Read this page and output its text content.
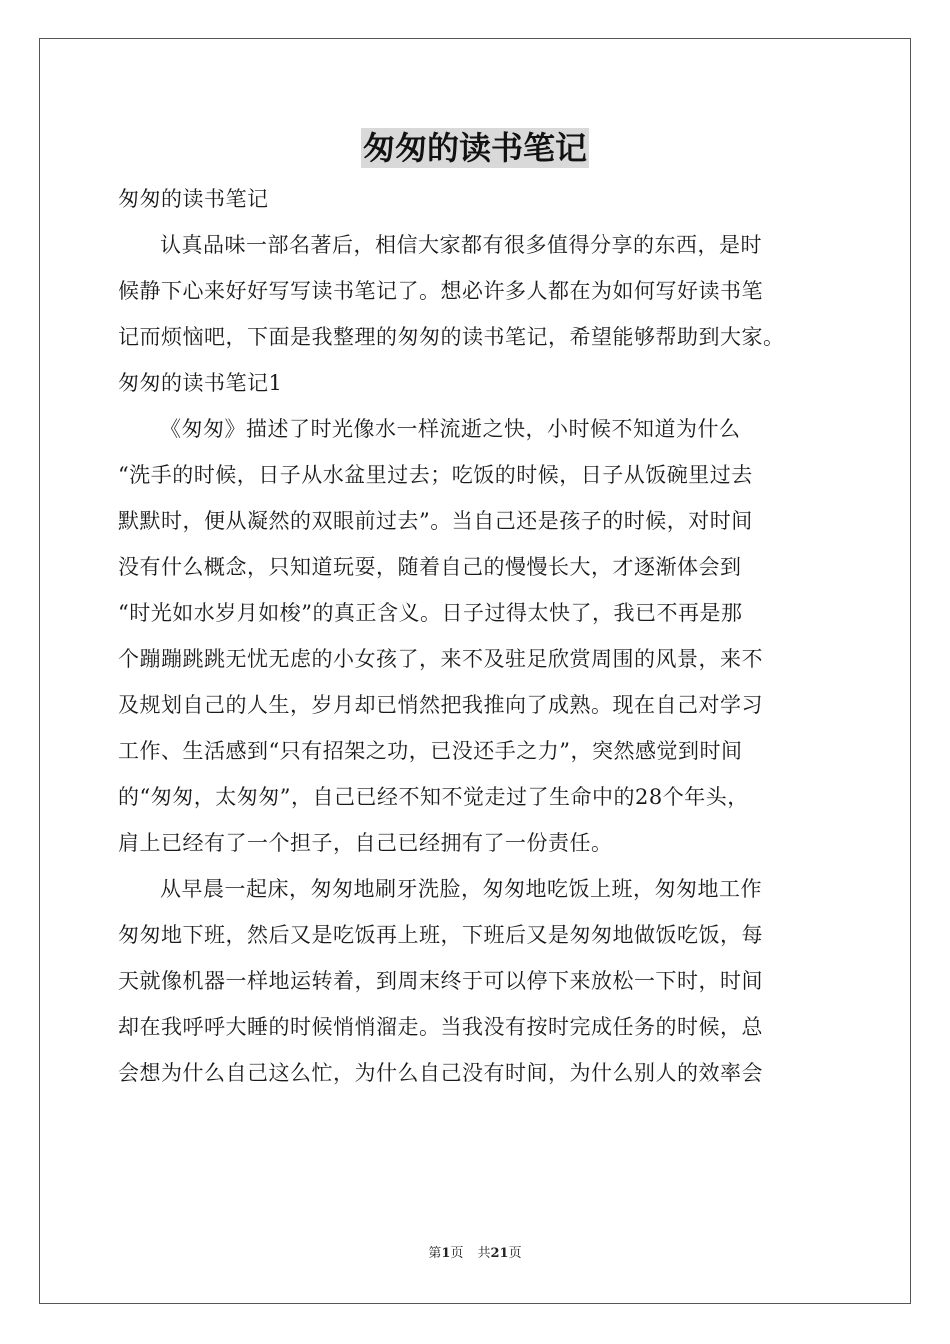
匆匆的读书笔记
匆匆的读书笔记
认真品味一部名著后，相信大家都有很多值得分享的东西，是时
候静下心来好好写写读书笔记了。想必许多人都在为如何写好读书笔
记而烦恼吧，下面是我整理的匆匆的读书笔记，希望能够帮助到大家。
匆匆的读书笔记1
《匆匆》描述了时光像水一样流逝之快，小时候不知道为什么
“洗手的时候，日子从水盆里过去；吃饭的时候，日子从饭碗里过去
默默时，便从凝然的双眼前过去”。当自己还是孩子的时候，对时间
没有什么概念，只知道玩耍，随着自己的慢慢长大，才逐渐体会到
“时光如水岁月如梭”的真正含义。日子过得太快了，我已不再是那
个蹦蹦跳跳无忧无虑的小女孩了，来不及驻足欣赏周围的风景，来不
及规划自己的人生，岁月却已悄然把我推向了成熟。现在自己对学习
工作、生活感到“只有招架之功，已没还手之力”，突然感觉到时间
的“匆匆，太匆匆”，自己已经不知不觉走过了生命中的28个年头，
肩上已经有了一个担子，自己已经拥有了一份责任。
从早晨一起床，匆匆地刷牙洗脸，匆匆地吃饭上班，匆匆地工作
匆匆地下班，然后又是吃饭再上班，下班后又是匆匆地做饭吃饭，每
天就像机器一样地运转着，到周末终于可以停下来放松一下时，时间
却在我呼呼大睡的时候悄悄溜走。当我没有按时完成任务的时候，总
会想为什么自己这么忙，为什么自己没有时间，为什么别人的效率会
第1页 共21页
